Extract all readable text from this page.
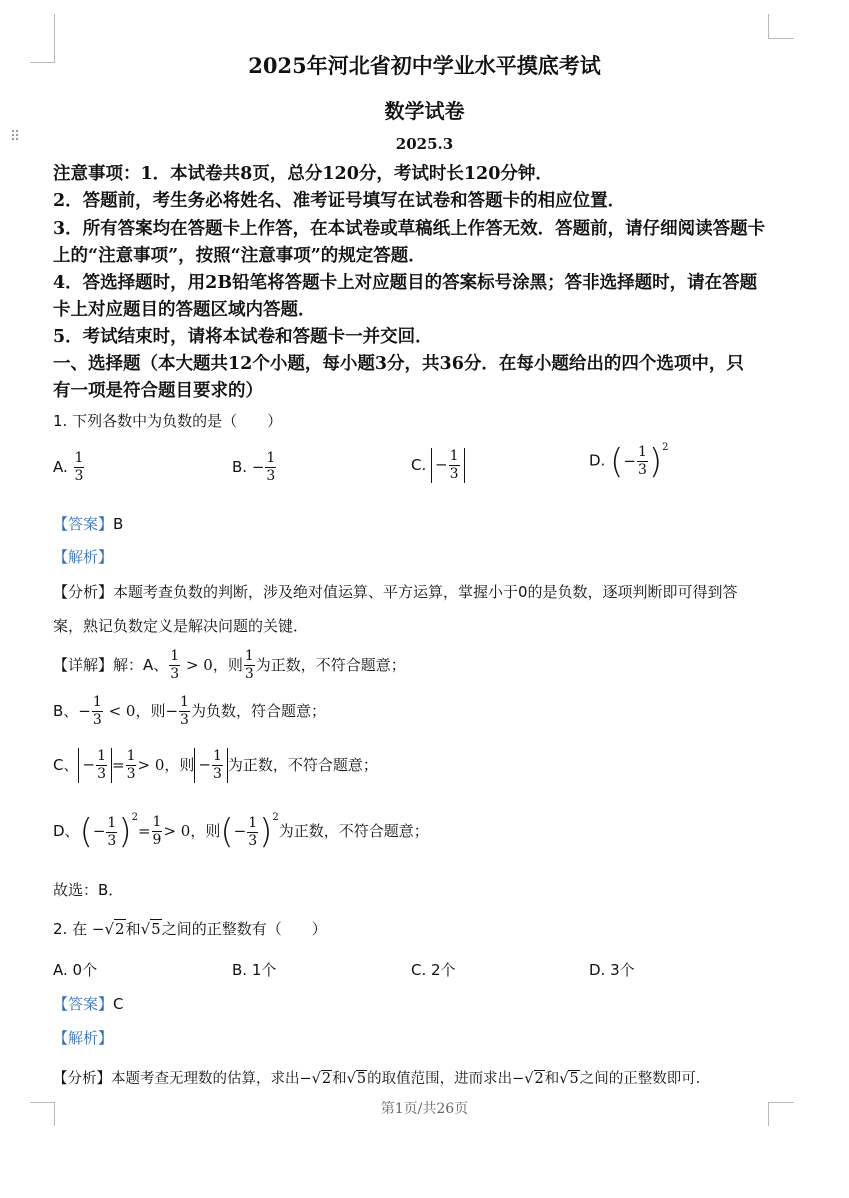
⠿
2025年河北省初中学业水平摸底考试
数学试卷
2025.3
注意事项：1．本试卷共8页，总分120分，考试时长120分钟．
2．答题前，考生务必将姓名、准考证号填写在试卷和答题卡的相应位置．
3．所有答案均在答题卡上作答，在本试卷或草稿纸上作答无效．答题前，请仔细阅读答题卡
上的“注意事项”，按照“注意事项”的规定答题．
4．答选择题时，用2B铅笔将答题卡上对应题目的答案标号涂黑；答非选择题时，请在答题
卡上对应题目的答题区域内答题．
5．考试结束时，请将本试卷和答题卡一并交回．
一、选择题（本大题共12个小题，每小题3分，共36分．在每小题给出的四个选项中，只
有一项是符合题目要求的）
1. 下列各数中为负数的是（　　）
A. $\frac{1}{3}$	B. − $\frac{1}{3}$	C. − $\frac{1}{3}$	D. (− $\frac{1}{3} )^2$
【答案】B
【解析】
【分析】本题考查负数的判断，涉及绝对值运算、平方运算，掌握小于0的是负数，逐项判断即可得到答
案，熟记负数定义是解决问题的关键．
【详解】解：A、 $\frac{1}{3} > 0$，则 $\frac{1}{3}$ 为正数，不符合题意；
B、− $\frac{1}{3} < 0$，则− $\frac{1}{3}$ 为负数，符合题意；
C、 − $\frac{1}{3} = \frac{1}{3} > 0$，则 − $\frac{1}{3}$ 为正数，不符合题意；
D、(− $\frac{1}{3} )^2= \frac{1}{9} > 0$，则(− $\frac{1}{3} )^2$为正数，不符合题意；
故选：B．
2. 在 −√2和√5之间的正整数有（　　）
A. 0个	B. 1个	C. 2个	D. 3个
【答案】C
【解析】
【分析】本题考查无理数的估算，求出−√2和√5的取值范围，进而求出−√2和√5之间的正整数即可．
第1页/共26页
